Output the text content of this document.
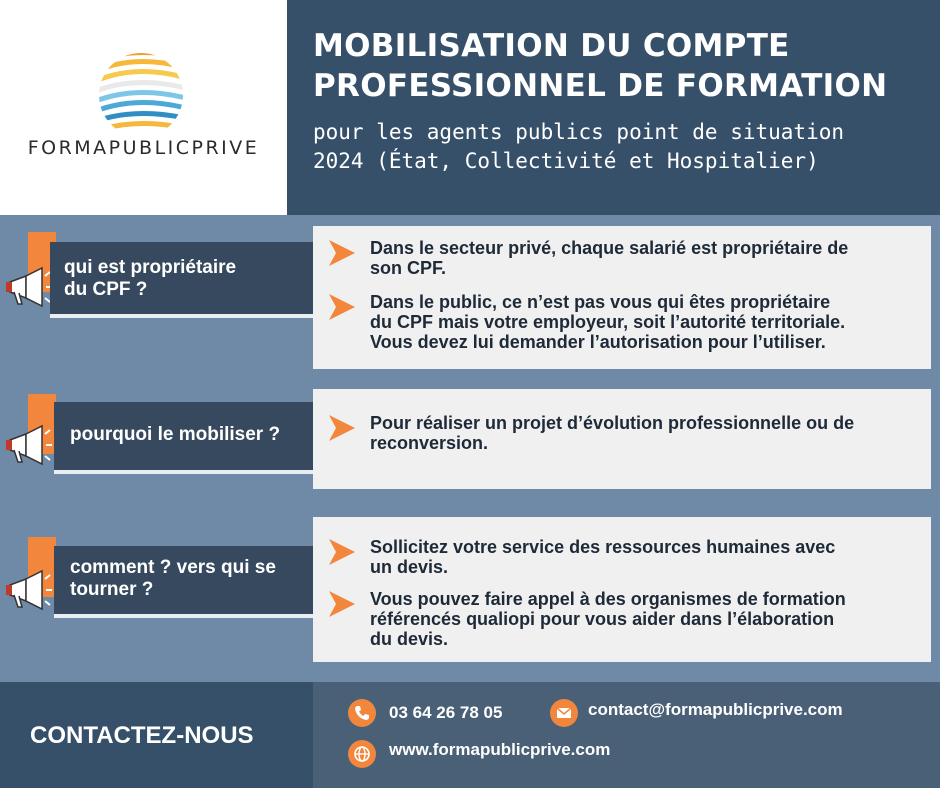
FORMAPUBLICPRIVE
MOBILISATION DU COMPTE
PROFESSIONNEL DE FORMATION
pour les agents publics point de situation
2024 (État, Collectivité et Hospitalier)
qui est propriétaire
du CPF ?
Dans le secteur privé, chaque salarié est propriétaire de
son CPF.
Dans le public, ce n’est pas vous qui êtes propriétaire
du CPF mais votre employeur, soit l’autorité territoriale.
Vous devez lui demander l’autorisation pour l’utiliser.
pourquoi le mobiliser ?
Pour réaliser un projet d’évolution professionnelle ou de
reconversion.
comment ? vers qui se
tourner ?
Sollicitez votre service des ressources humaines avec
un devis.
Vous pouvez faire appel à des organismes de formation
référencés qualiopi pour vous aider dans l’élaboration
du devis.
CONTACTEZ-NOUS
03 64 26 78 05	contact@formapublicprive.com
www.formapublicprive.com
